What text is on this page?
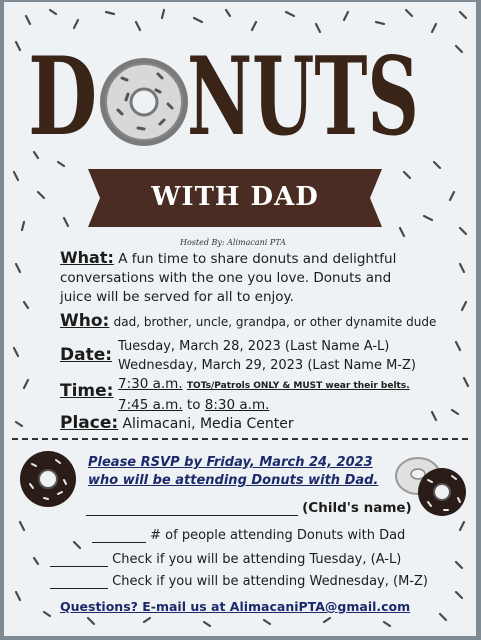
D NUTS
WITH DAD
Hosted By: Alimacani PTA
What: A fun time to share donuts and delightful
conversations with the one you love. Donuts and
juice will be served for all to enjoy.
Who: dad, brother, uncle, grandpa, or other dynamite dude
Date: Tuesday, March 28, 2023 (Last Name A-L)
Wednesday, March 29, 2023 (Last Name M-Z)
Time: 7:30 a.m. TOTs/Patrols ONLY & MUST wear their belts.
7:45 a.m. to 8:30 a.m.
Place: Alimacani, Media Center
Please RSVP by Friday, March 24, 2023
who will be attending Donuts with Dad.
(Child's name)
# of people attending Donuts with Dad
Check if you will be attending Tuesday, (A-L)
Check if you will be attending Wednesday, (M-Z)
Questions? E-mail us at AlimacaniPTA@gmail.com
